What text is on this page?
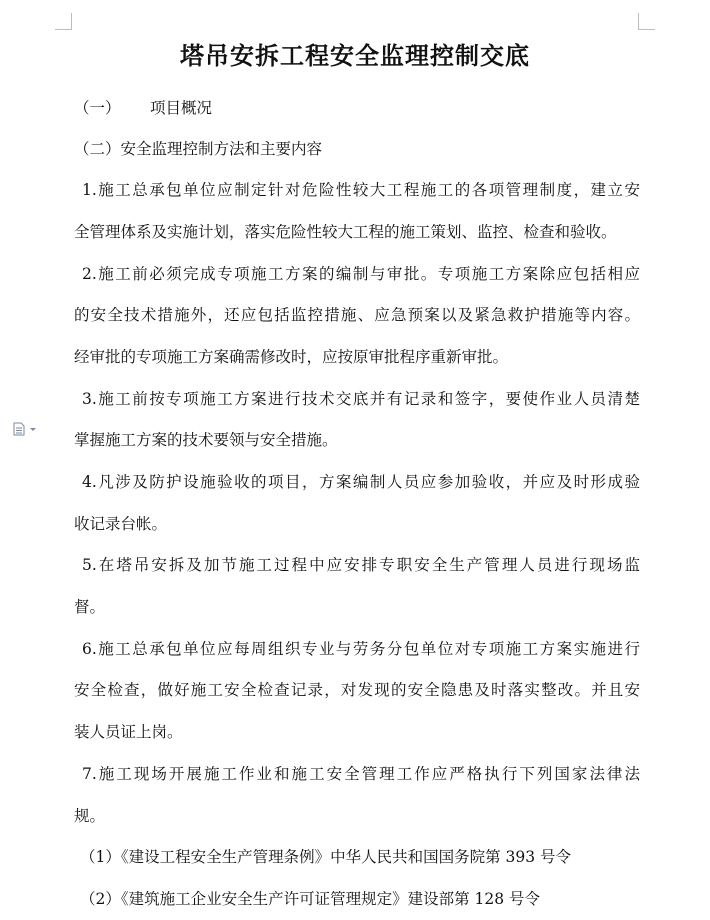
塔吊安拆工程安全监理控制交底
（一）	项目概况
（二）安全监理控制方法和主要内容
1.施工总承包单位应制定针对危险性较大工程施工的各项管理制度，建立安
全管理体系及实施计划，落实危险性较大工程的施工策划、监控、检查和验收。
2.施工前必须完成专项施工方案的编制与审批。专项施工方案除应包括相应
的安全技术措施外，还应包括监控措施、应急预案以及紧急救护措施等内容。
经审批的专项施工方案确需修改时，应按原审批程序重新审批。
3.施工前按专项施工方案进行技术交底并有记录和签字，要使作业人员清楚
掌握施工方案的技术要领与安全措施。
4.凡涉及防护设施验收的项目，方案编制人员应参加验收，并应及时形成验
收记录台帐。
5.在塔吊安拆及加节施工过程中应安排专职安全生产管理人员进行现场监
督。
6.施工总承包单位应每周组织专业与劳务分包单位对专项施工方案实施进行
安全检查，做好施工安全检查记录，对发现的安全隐患及时落实整改。并且安
装人员证上岗。
7.施工现场开展施工作业和施工安全管理工作应严格执行下列国家法律法
规。
（1）《建设工程安全生产管理条例》中华人民共和国国务院第 393 号令
（2）《建筑施工企业安全生产许可证管理规定》建设部第 128 号令
